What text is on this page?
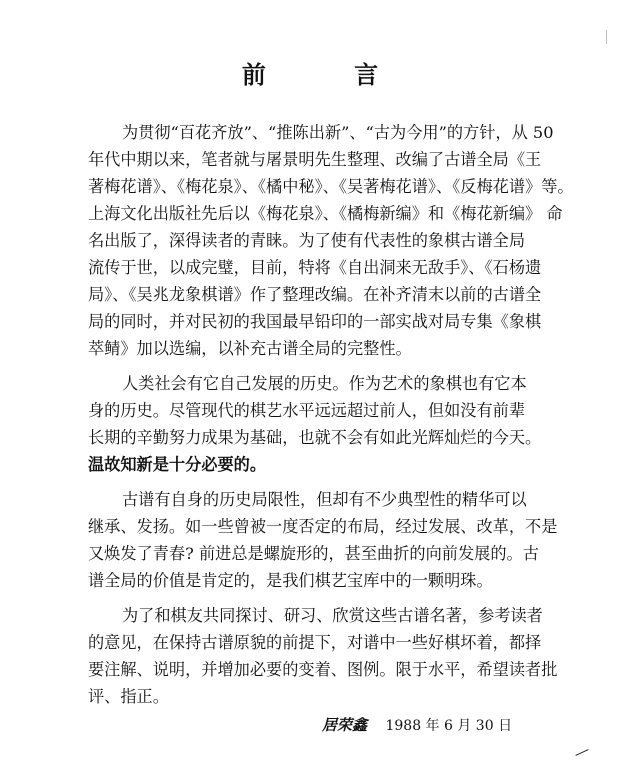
前 言

为贯彻“百花齐放”、“推陈出新”、“古为今用”的方针，从 50

年代中期以来，笔者就与屠景明先生整理、改编了古谱全局《王

著梅花谱》、《梅花泉》、《橘中秘》、《吴著梅花谱》、《反梅花谱》等。

上海文化出版社先后以《梅花泉》、《橘梅新编》和《梅花新编》 命

名出版了，深得读者的青睐。为了使有代表性的象棋古谱全局

流传于世，以成完璧，目前，特将《自出洞来无敌手》、《石杨遗

局》、《吴兆龙象棋谱》作了整理改编。在补齐清末以前的古谱全

局的同时，并对民初的我国最早铅印的一部实战对局专集《象棋

萃鲭》加以选编，以补充古谱全局的完整性。

人类社会有它自己发展的历史。作为艺术的象棋也有它本

身的历史。尽管现代的棋艺水平远远超过前人，但如没有前辈

长期的辛勤努力成果为基础，也就不会有如此光辉灿烂的今天。

温故知新是十分必要的。

古谱有自身的历史局限性，但却有不少典型性的精华可以

继承、发扬。如一些曾被一度否定的布局，经过发展、改革，不是

又焕发了青春? 前进总是螺旋形的，甚至曲折的向前发展的。古

谱全局的价值是肯定的，是我们棋艺宝库中的一颗明珠。

为了和棋友共同探讨、研习、欣赏这些古谱名著，参考读者

的意见，在保持古谱原貌的前提下，对谱中一些好棋坏着，都择

要注解、说明，并增加必要的变着、图例。限于水平，希望读者批

评、指正。

居荣鑫 1988 年 6 月 30 日
